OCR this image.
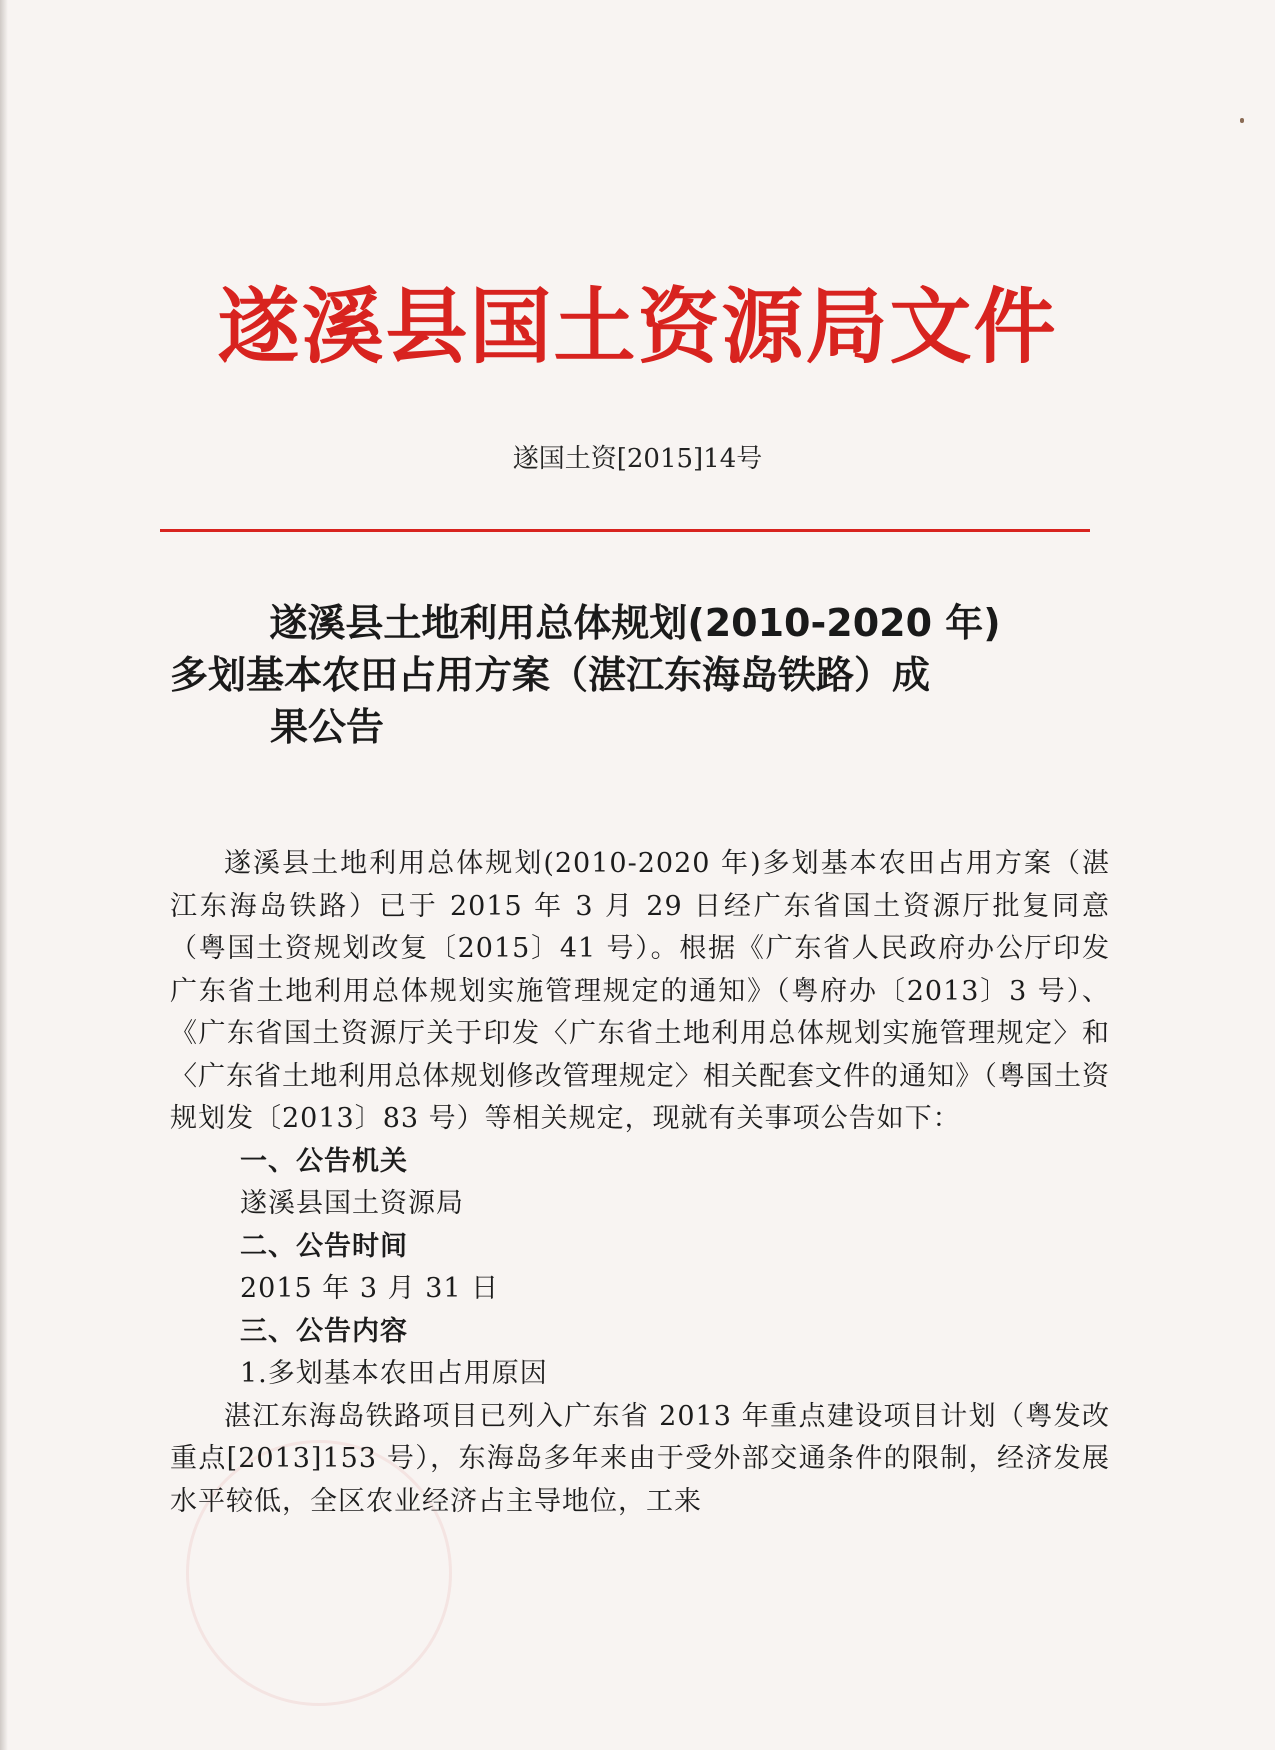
遂溪县国土资源局文件
遂国土资[2015]14号
遂溪县土地利用总体规划(2010-2020 年)
多划基本农田占用方案（湛江东海岛铁路）成
果公告

遂溪县土地利用总体规划(2010-2020 年)多划基本农田占用方案（湛江东海岛铁路）已于 2015 年 3 月 29 日经广东省国土资源厅批复同意（粤国土资规划改复〔2015〕41 号）。根据《广东省人民政府办公厅印发广东省土地利用总体规划实施管理规定的通知》（粤府办〔2013〕3 号）、《广东省国土资源厅关于印发〈广东省土地利用总体规划实施管理规定〉和〈广东省土地利用总体规划修改管理规定〉相关配套文件的通知》（粤国土资规划发〔2013〕83 号）等相关规定，现就有关事项公告如下：

一、公告机关

遂溪县国土资源局

二、公告时间

2015 年 3 月 31 日

三、公告内容

1.多划基本农田占用原因

湛江东海岛铁路项目已列入广东省 2013 年重点建设项目计划（粤发改重点[2013]153 号），东海岛多年来由于受外部交通条件的限制，经济发展水平较低，全区农业经济占主导地位，工来
